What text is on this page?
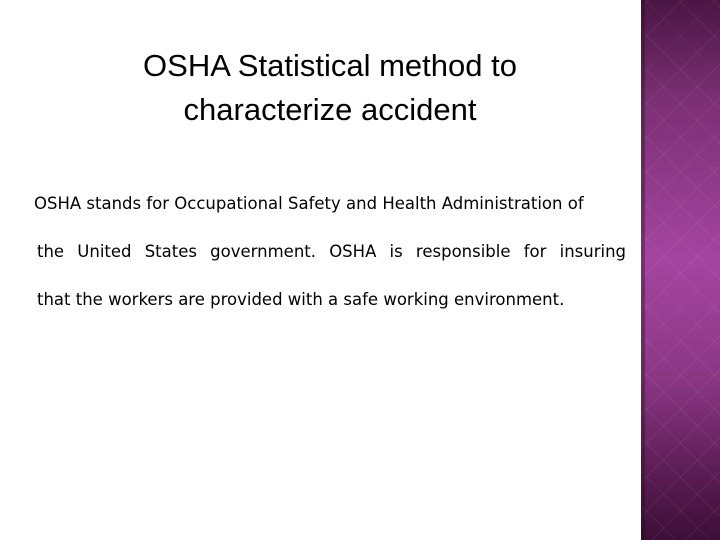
OSHA Statistical method to
characterize accident
OSHA stands for Occupational Safety and Health Administration of
the United States government. OSHA is responsible for insuring
that the workers are provided with a safe working environment.
